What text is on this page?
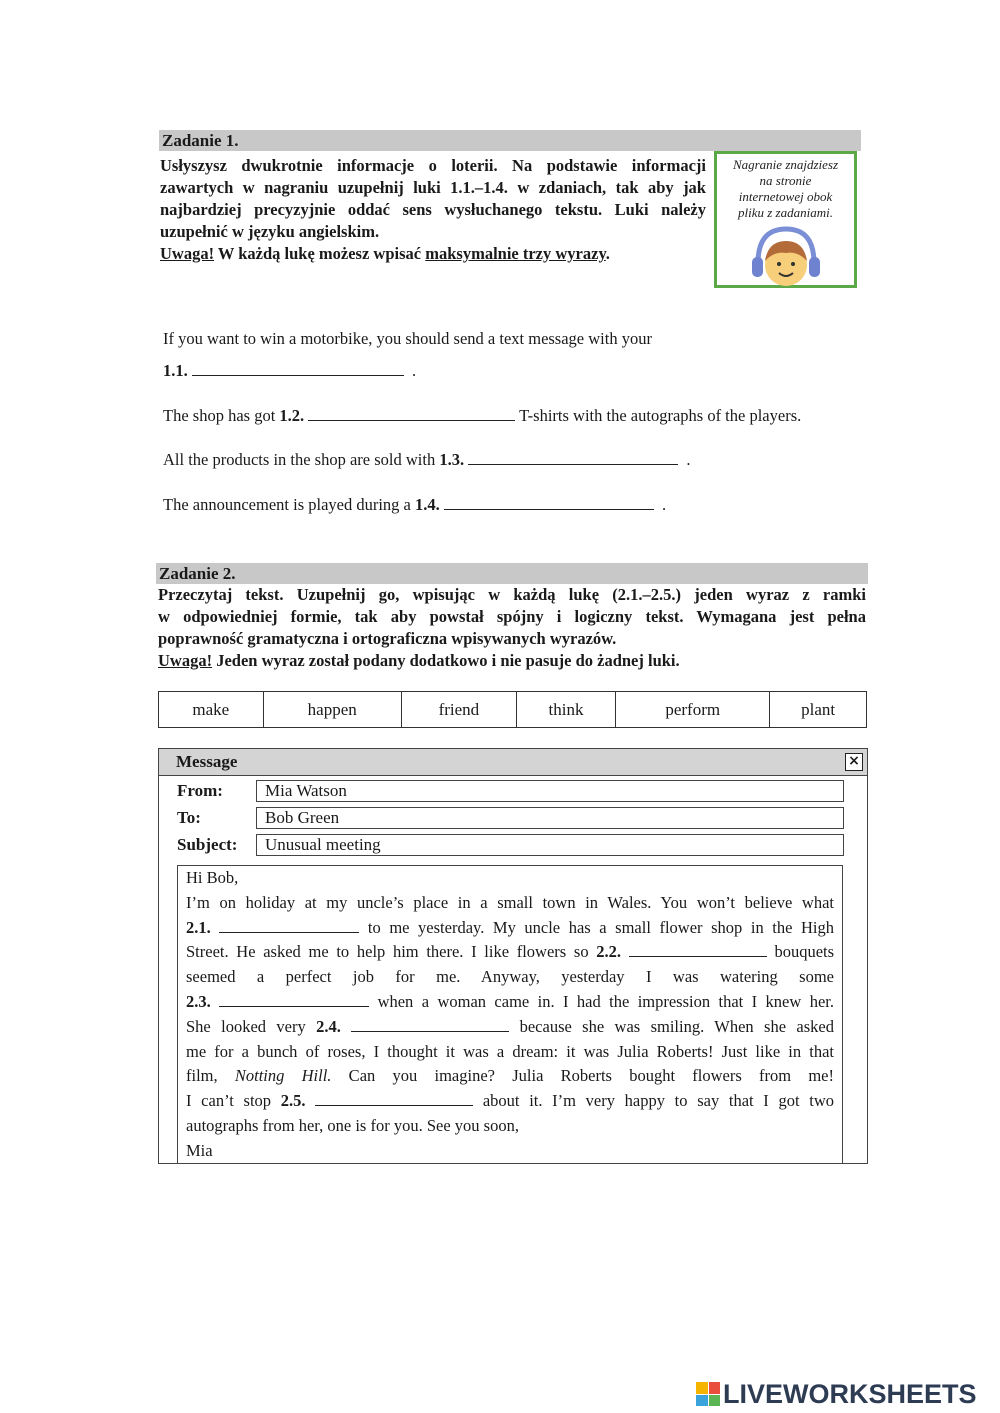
Zadanie 1.
Usłyszysz dwukrotnie informacje o loterii. Na podstawie informacji
zawartych w nagraniu uzupełnij luki 1.1.–1.4. w zdaniach, tak aby jak
najbardziej precyzyjnie oddać sens wysłuchanego tekstu. Luki należy
uzupełnić w języku angielskim.
Uwaga! W każdą lukę możesz wpisać maksymalnie trzy wyrazy.
Nagranie znajdziesz
na stronie
internetowej obok
pliku z zadaniami.
If you want to win a motorbike, you should send a text message with your
1.1.	.
The shop has got 1.2.	T-shirts with the autographs of the players.
All the products in the shop are sold with 1.3.	.
The announcement is played during a 1.4.	.
Zadanie 2.
Przeczytaj tekst. Uzupełnij go, wpisując w każdą lukę (2.1.–2.5.) jeden wyraz z ramki
w odpowiedniej formie, tak aby powstał spójny i logiczny tekst. Wymagana jest pełna
poprawność gramatyczna i ortograficzna wpisywanych wyrazów.
Uwaga! Jeden wyraz został podany dodatkowo i nie pasuje do żadnej luki.
make	happen	friend	think	perform	plant
Message	×
From:	Mia Watson
To:	Bob Green
Subject:	Unusual meeting
Hi Bob,
I’m on holiday at my uncle’s place in a small town in Wales. You won’t believe what
2.1.	to me yesterday. My uncle has a small flower shop in the High
Street. He asked me to help him there. I like flowers so 2.2.	bouquets
seemed a perfect job for me. Anyway, yesterday I was watering some
2.3.	when a woman came in. I had the impression that I knew her.
She looked very 2.4.	because she was smiling. When she asked
me for a bunch of roses, I thought it was a dream: it was Julia Roberts! Just like in that
film, Notting Hill. Can you imagine? Julia Roberts bought flowers from me!
I can’t stop 2.5.	about it. I’m very happy to say that I got two
autographs from her, one is for you. See you soon,
Mia
LIVEWORKSHEETS
